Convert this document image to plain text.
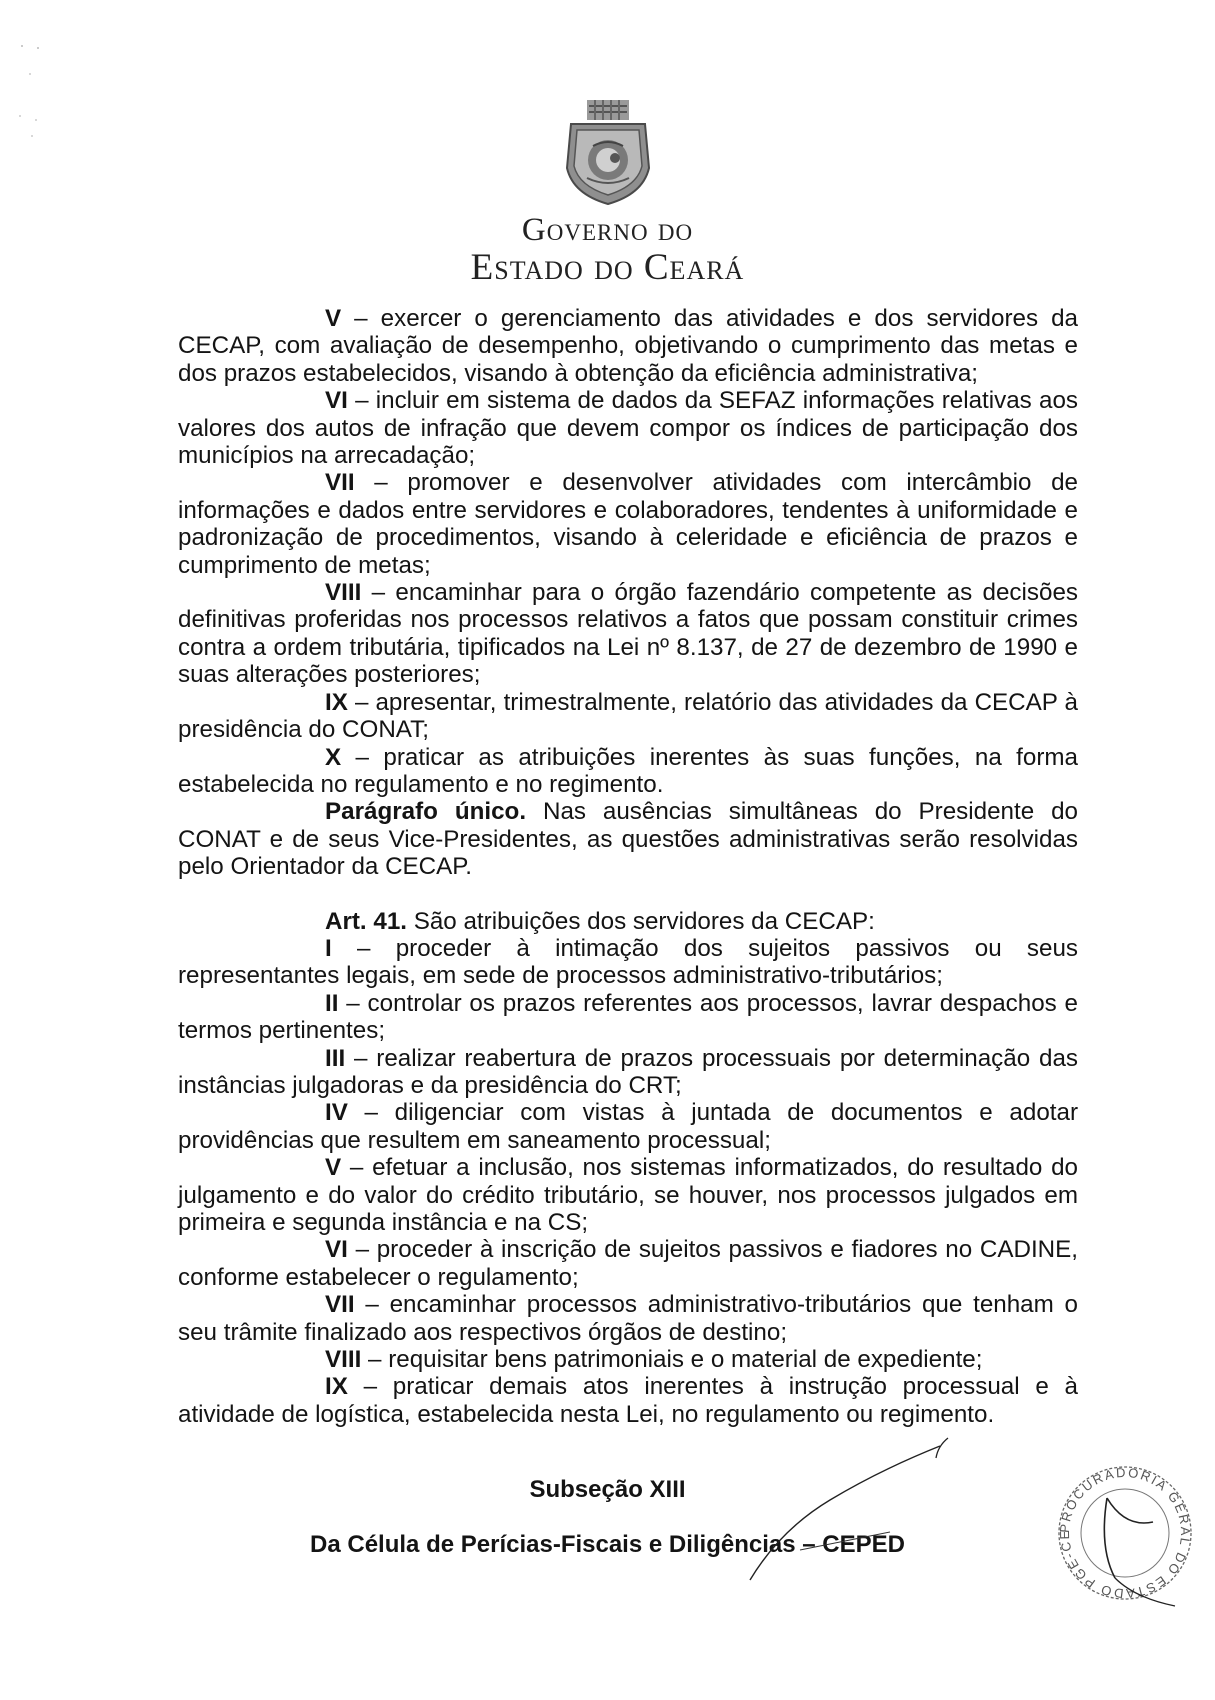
Governo do
Estado do Ceará

V – exercer o gerenciamento das atividades e dos servidores da CECAP, com avaliação de desempenho, objetivando o cumprimento das metas e dos prazos estabelecidos, visando à obtenção da eficiência administrativa;

VI – incluir em sistema de dados da SEFAZ informações relativas aos valores dos autos de infração que devem compor os índices de participação dos municípios na arrecadação;

VII – promover e desenvolver atividades com intercâmbio de informações e dados entre servidores e colaboradores, tendentes à uniformidade e padronização de procedimentos, visando à celeridade e eficiência de prazos e cumprimento de metas;

VIII – encaminhar para o órgão fazendário competente as decisões definitivas proferidas nos processos relativos a fatos que possam constituir crimes contra a ordem tributária, tipificados na Lei nº 8.137, de 27 de dezembro de 1990 e suas alterações posteriores;

IX – apresentar, trimestralmente, relatório das atividades da CECAP à presidência do CONAT;

X – praticar as atribuições inerentes às suas funções, na forma estabelecida no regulamento e no regimento.

Parágrafo único. Nas ausências simultâneas do Presidente do CONAT e de seus Vice-Presidentes, as questões administrativas serão resolvidas pelo Orientador da CECAP.

Art. 41. São atribuições dos servidores da CECAP:

I – proceder à intimação dos sujeitos passivos ou seus representantes legais, em sede de processos administrativo-tributários;

II – controlar os prazos referentes aos processos, lavrar despachos e termos pertinentes;

III – realizar reabertura de prazos processuais por determinação das instâncias julgadoras e da presidência do CRT;

IV – diligenciar com vistas à juntada de documentos e adotar providências que resultem em saneamento processual;

V – efetuar a inclusão, nos sistemas informatizados, do resultado do julgamento e do valor do crédito tributário, se houver, nos processos julgados em primeira e segunda instância e na CS;

VI – proceder à inscrição de sujeitos passivos e fiadores no CADINE, conforme estabelecer o regulamento;

VII – encaminhar processos administrativo-tributários que tenham o seu trâmite finalizado aos respectivos órgãos de destino;

VIII – requisitar bens patrimoniais e o material de expediente;

IX – praticar demais atos inerentes à instrução processual e à atividade de logística, estabelecida nesta Lei, no regulamento ou regimento.

Subseção XIII
Da Célula de Perícias-Fiscais e Diligências – CEPED
PROCURADORIA GERAL DO ESTADO PGE-CE
